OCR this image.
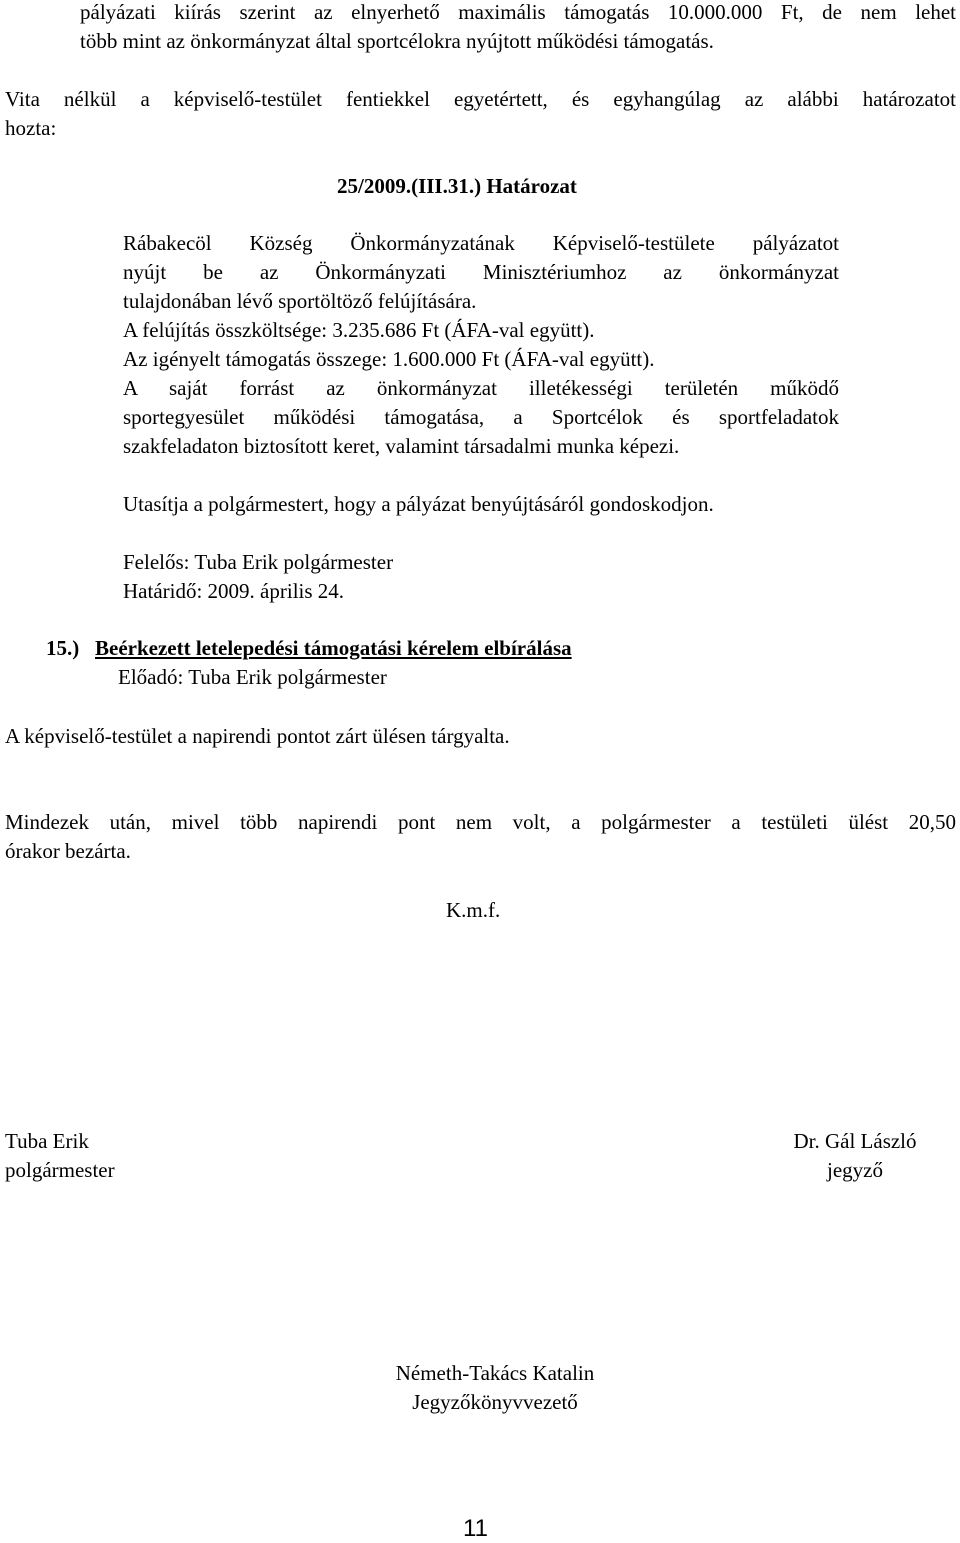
pályázati kiírás szerint az elnyerhető maximális támogatás 10.000.000 Ft, de nem lehet
több mint az önkormányzat által sportcélokra nyújtott működési támogatás.
Vita nélkül a képviselő-testület fentiekkel egyetértett, és egyhangúlag az alábbi határozatot
hozta:
25/2009.(III.31.) Határozat
Rábakecöl Község Önkormányzatának Képviselő-testülete pályázatot
nyújt be az Önkormányzati Minisztériumhoz az önkormányzat
tulajdonában lévő sportöltöző felújítására.
A felújítás összköltsége: 3.235.686 Ft (ÁFA-val együtt).
Az igényelt támogatás összege: 1.600.000 Ft (ÁFA-val együtt).
A saját forrást az önkormányzat illetékességi területén működő
sportegyesület működési támogatása, a Sportcélok és sportfeladatok
szakfeladaton biztosított keret, valamint társadalmi munka képezi.
Utasítja a polgármestert, hogy a pályázat benyújtásáról gondoskodjon.
Felelős: Tuba Erik polgármester
Határidő: 2009. április 24.
15.) Beérkezett letelepedési támogatási kérelem elbírálása
Előadó: Tuba Erik polgármester
A képviselő-testület a napirendi pontot zárt ülésen tárgyalta.
Mindezek után, mivel több napirendi pont nem volt, a polgármester a testületi ülést 20,50
órakor bezárta.
K.m.f.
Tuba Erik
polgármester
Dr. Gál László
jegyző
Németh-Takács Katalin
Jegyzőkönyvvezető
11
